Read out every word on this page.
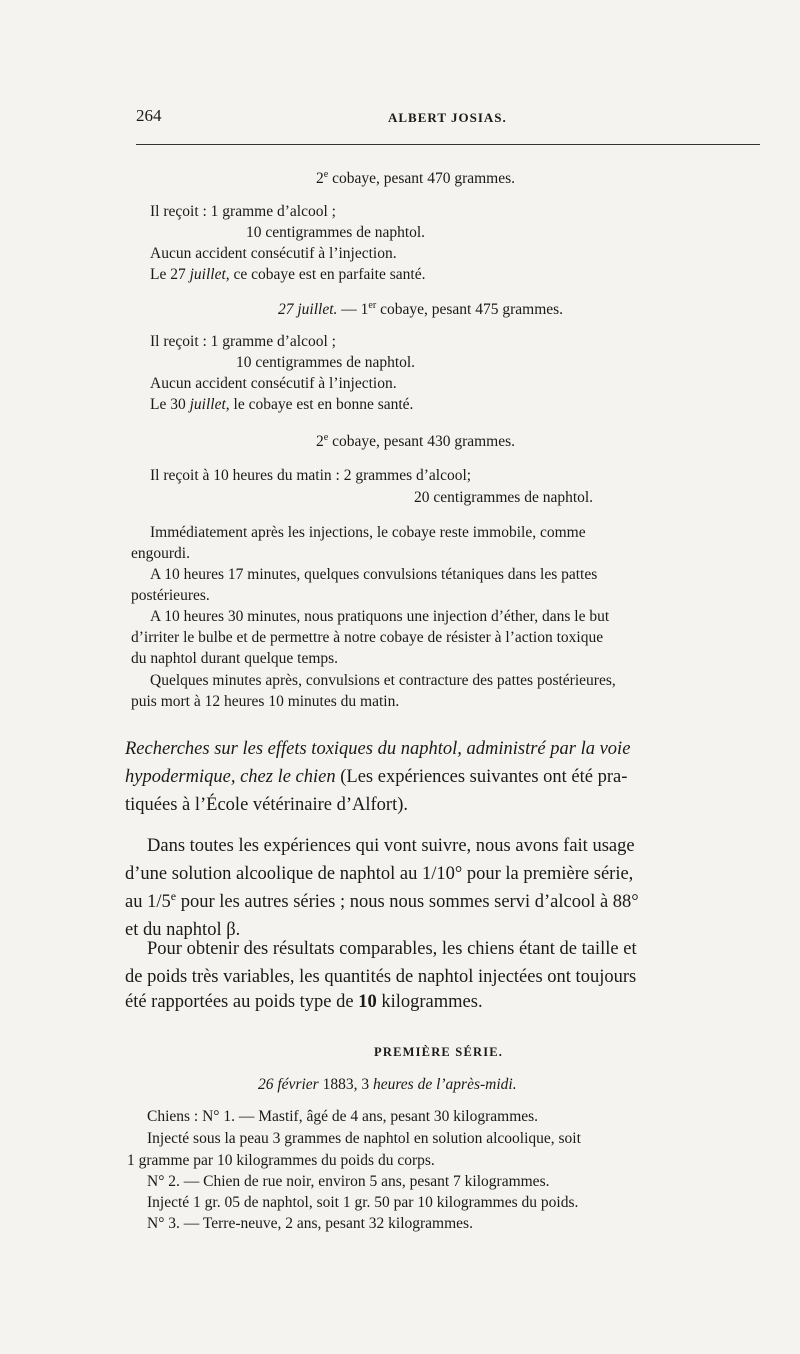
264	ALBERT JOSIAS.
2e cobaye, pesant 470 grammes.
Il reçoit : 1 gramme d’alcool ;
10 centigrammes de naphtol.
Aucun accident consécutif à l’injection.
Le 27 juillet, ce cobaye est en parfaite santé.
27 juillet. — 1er cobaye, pesant 475 grammes.
Il reçoit : 1 gramme d’alcool ;
10 centigrammes de naphtol.
Aucun accident consécutif à l’injection.
Le 30 juillet, le cobaye est en bonne santé.
2e cobaye, pesant 430 grammes.
Il reçoit à 10 heures du matin : 2 grammes d’alcool;
20 centigrammes de naphtol.
Immédiatement après les injections, le cobaye reste immobile, comme
engourdi.
A 10 heures 17 minutes, quelques convulsions tétaniques dans les pattes
postérieures.
A 10 heures 30 minutes, nous pratiquons une injection d’éther, dans le but
d’irriter le bulbe et de permettre à notre cobaye de résister à l’action toxique
du naphtol durant quelque temps.
Quelques minutes après, convulsions et contracture des pattes postérieures,
puis mort à 12 heures 10 minutes du matin.
Recherches sur les effets toxiques du naphtol, administré par la voie
hypodermique, chez le chien (Les expériences suivantes ont été pra-
tiquées à l’École vétérinaire d’Alfort).
Dans toutes les expériences qui vont suivre, nous avons fait usage
d’une solution alcoolique de naphtol au 1/10° pour la première série,
au 1/5e pour les autres séries ; nous nous sommes servi d’alcool à 88°
et du naphtol β.
Pour obtenir des résultats comparables, les chiens étant de taille et
de poids très variables, les quantités de naphtol injectées ont toujours
été rapportées au poids type de 10 kilogrammes.
PREMIÈRE SÉRIE.
26 février 1883, 3 heures de l’après-midi.
Chiens : N° 1. — Mastif, âgé de 4 ans, pesant 30 kilogrammes.
Injecté sous la peau 3 grammes de naphtol en solution alcoolique, soit
1 gramme par 10 kilogrammes du poids du corps.
N° 2. — Chien de rue noir, environ 5 ans, pesant 7 kilogrammes.
Injecté 1 gr. 05 de naphtol, soit 1 gr. 50 par 10 kilogrammes du poids.
N° 3. — Terre-neuve, 2 ans, pesant 32 kilogrammes.
